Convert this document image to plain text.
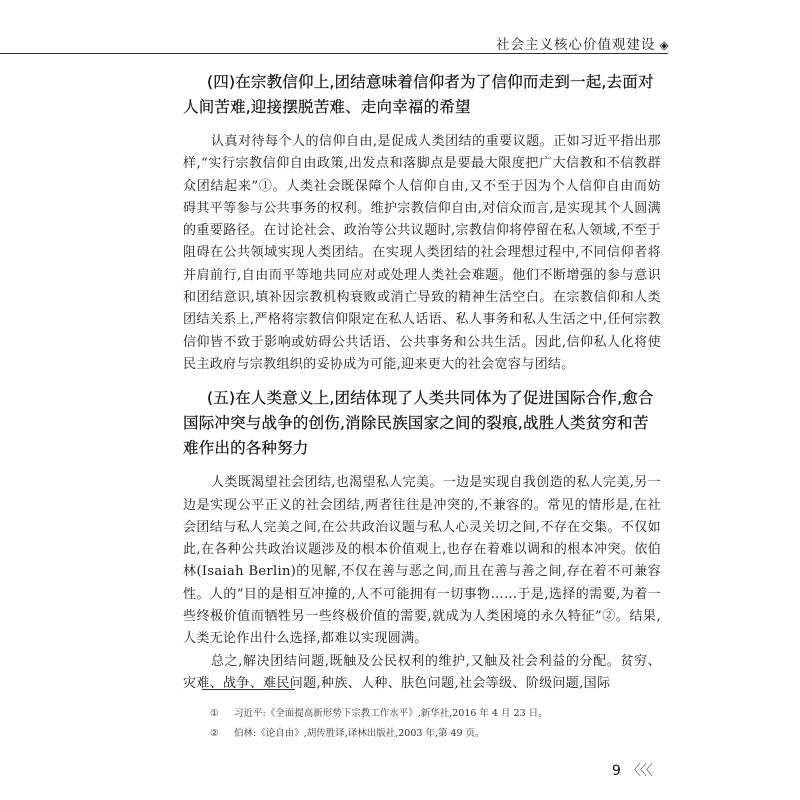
社会主义核心价值观建设 ◈
(四)在宗教信仰上,团结意味着信仰者为了信仰而走到一起,去面对人间苦难,迎接摆脱苦难、走向幸福的希望

认真对待每个人的信仰自由,是促成人类团结的重要议题。正如习近平指出那样,“实行宗教信仰自由政策,出发点和落脚点是要最大限度把广大信教和不信教群众团结起来”①。人类社会既保障个人信仰自由,又不至于因为个人信仰自由而妨碍其平等参与公共事务的权利。维护宗教信仰自由,对信众而言,是实现其个人圆满的重要路径。在讨论社会、政治等公共议题时,宗教信仰将停留在私人领域,不至于阻碍在公共领域实现人类团结。在实现人类团结的社会理想过程中,不同信仰者将并肩前行,自由而平等地共同应对或处理人类社会难题。他们不断增强的参与意识和团结意识,填补因宗教机构衰败或消亡导致的精神生活空白。在宗教信仰和人类团结关系上,严格将宗教信仰限定在私人话语、私人事务和私人生活之中,任何宗教信仰皆不致于影响或妨碍公共话语、公共事务和公共生活。因此,信仰私人化将使民主政府与宗教组织的妥协成为可能,迎来更大的社会宽容与团结。

(五)在人类意义上,团结体现了人类共同体为了促进国际合作,愈合国际冲突与战争的创伤,消除民族国家之间的裂痕,战胜人类贫穷和苦难作出的各种努力

人类既渴望社会团结,也渴望私人完美。一边是实现自我创造的私人完美,另一边是实现公平正义的社会团结,两者往往是冲突的,不兼容的。常见的情形是,在社会团结与私人完美之间,在公共政治议题与私人心灵关切之间,不存在交集。不仅如此,在各种公共政治议题涉及的根本价值观上,也存在着难以调和的根本冲突。依伯林(Isaiah Berlin)的见解,不仅在善与恶之间,而且在善与善之间,存在着不可兼容性。人的“目的是相互冲撞的,人不可能拥有一切事物……于是,选择的需要,为着一些终极价值而牺牲另一些终极价值的需要,就成为人类困境的永久特征”②。结果,人类无论作出什么选择,都难以实现圆满。

总之,解决团结问题,既触及公民权利的维护,又触及社会利益的分配。贫穷、灾难、战争、难民问题,种族、人种、肤色问题,社会等级、阶级问题,国际

① 习近平:《全面提高新形势下宗教工作水平》,新华社,2016 年 4 月 23 日。
② 伯林:《论自由》,胡传胜译,译林出版社,2003 年,第 49 页。
9 〈〈〈
